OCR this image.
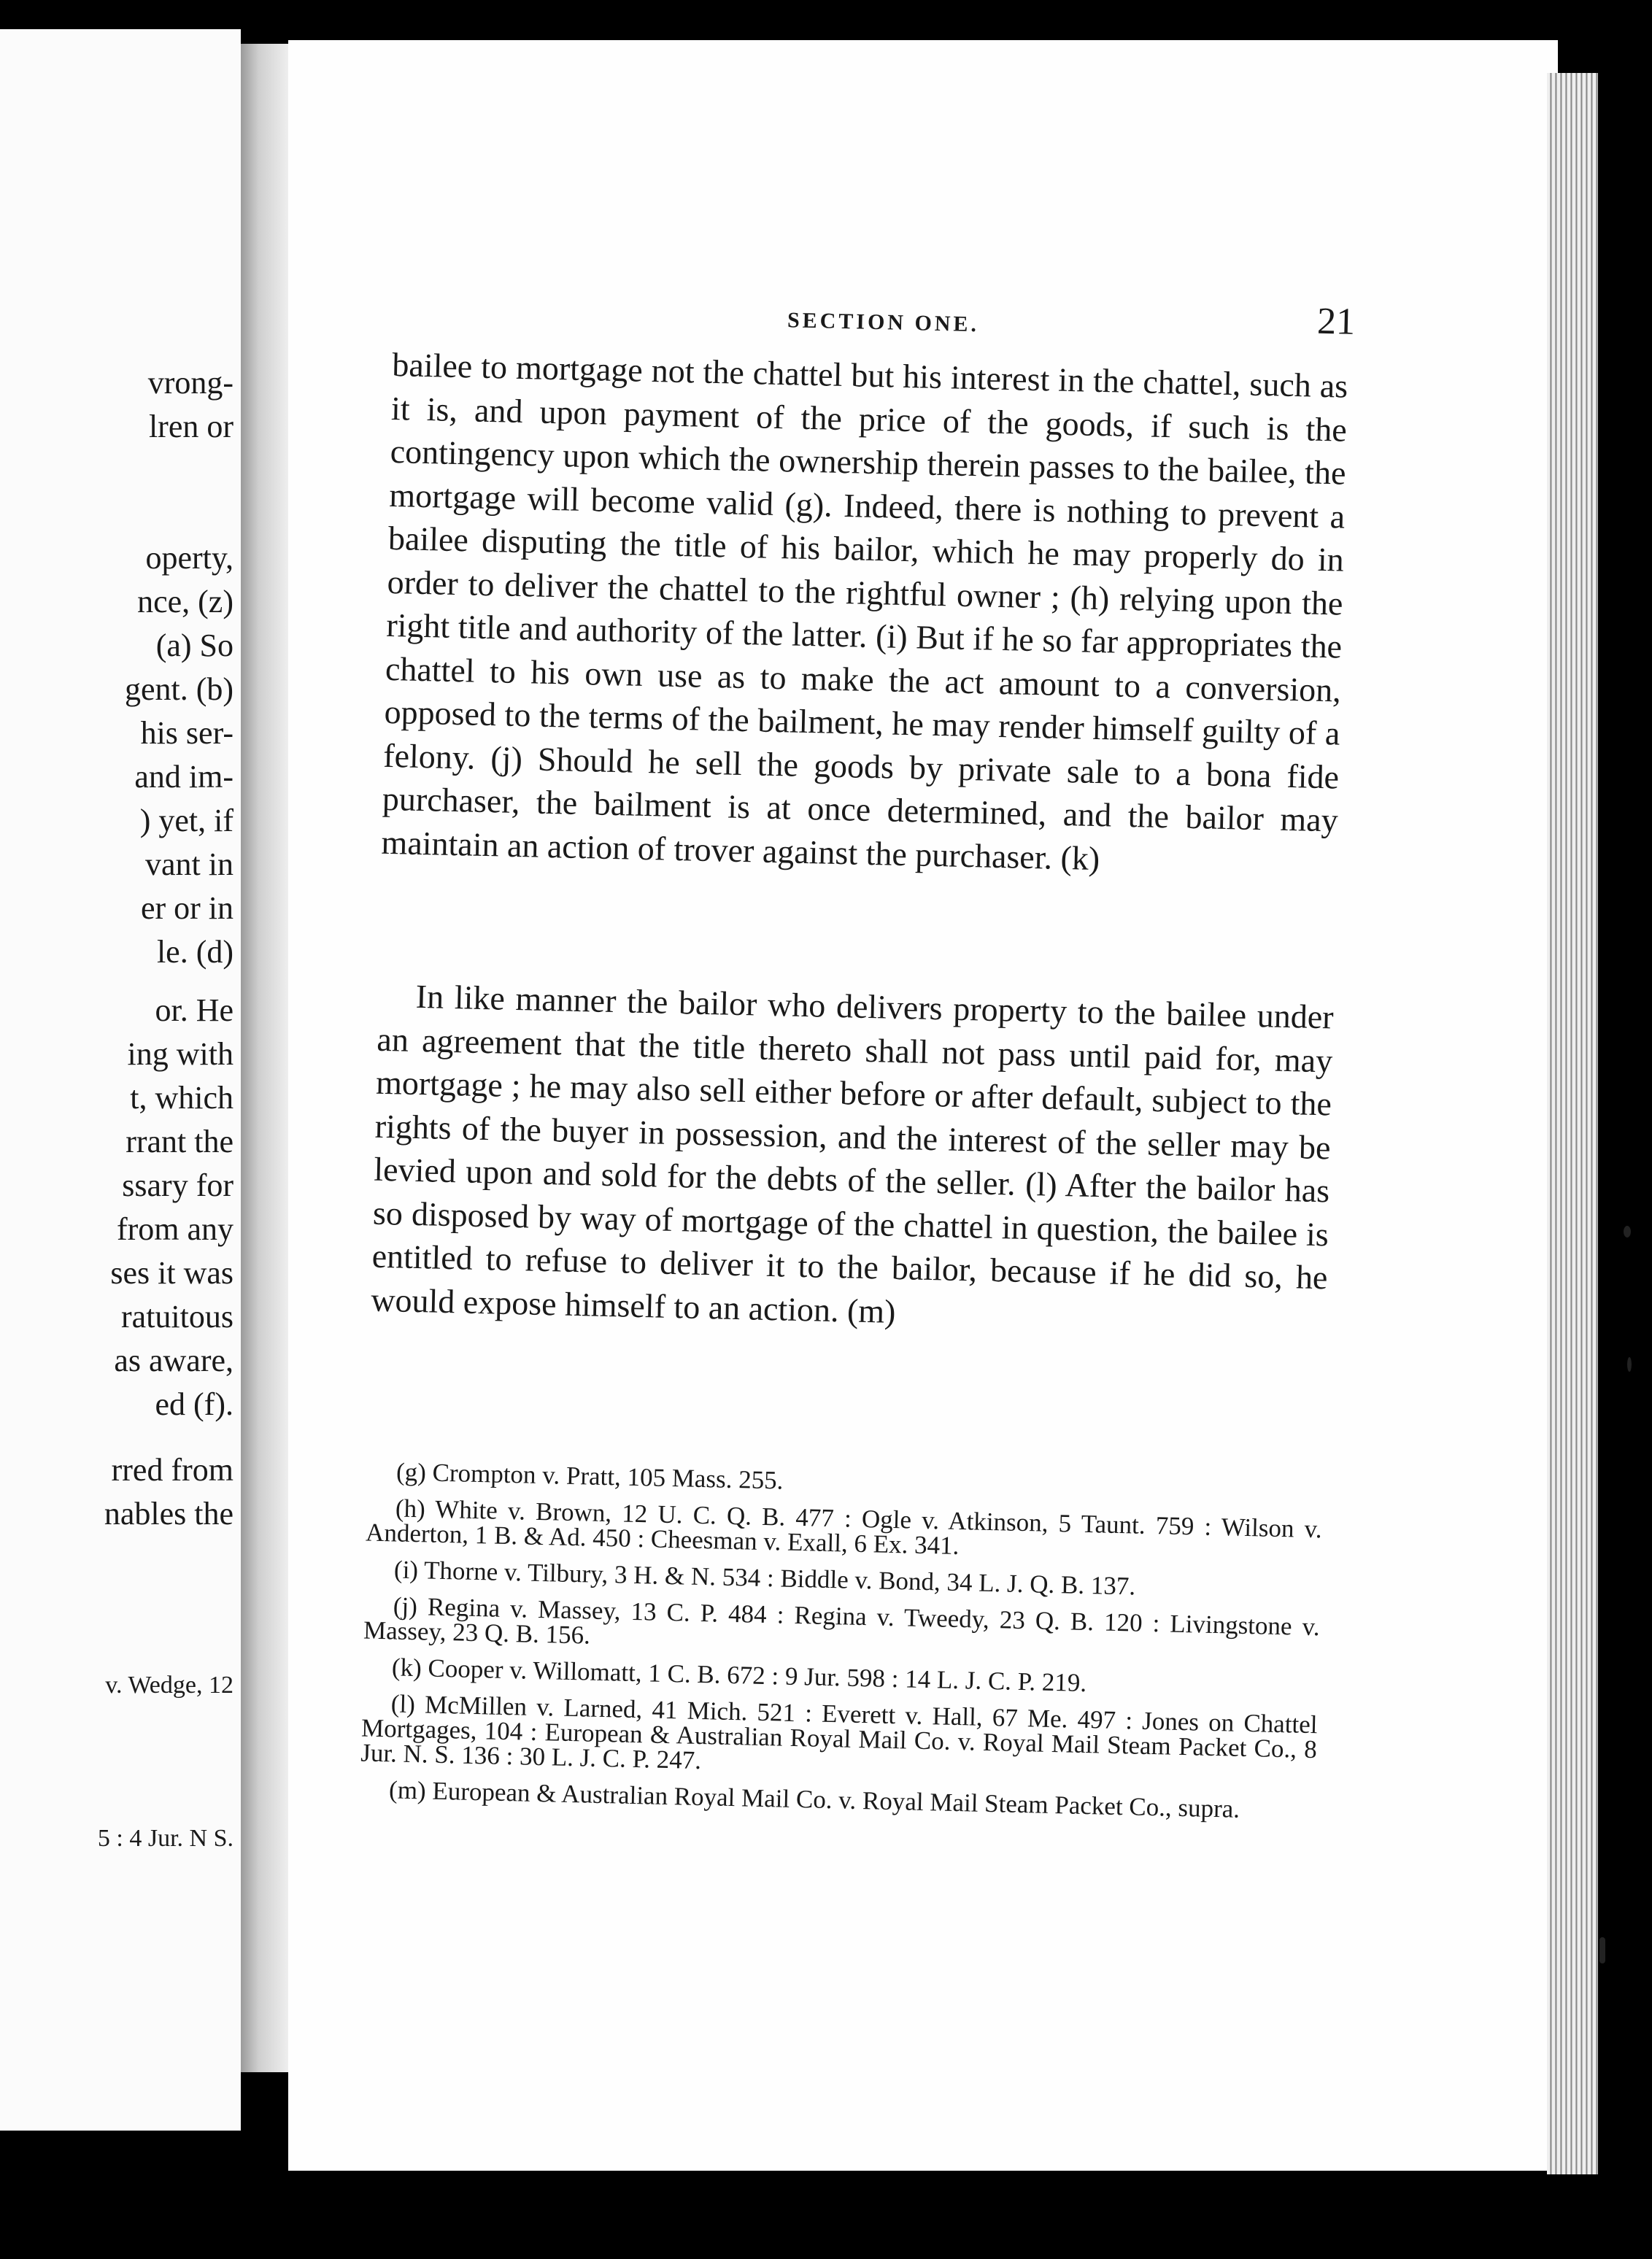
vrong-
lren or
operty,
nce, (z)
(a) So
gent. (b)
his ser-
and im-
) yet, if
vant in
er or in
le. (d)
or. He
ing with
t, which
rrant the
ssary for
from any
ses it was
ratuitous
as aware,
ed (f).
rred from
nables the
v. Wedge, 12
5 : 4 Jur. N S.
SECTION ONE.	21

bailee to mortgage not the chattel but his interest in the chattel, such as it is, and upon payment of the price of the goods, if such is the contingency upon which the ownership therein passes to the bailee, the mortgage will become valid (g). Indeed, there is nothing to prevent a bailee disputing the title of his bailor, which he may properly do in order to deliver the chattel to the rightful owner ; (h) relying upon the right title and authority of the latter. (i) But if he so far appropriates the chattel to his own use as to make the act amount to a conversion, opposed to the terms of the bailment, he may render himself guilty of a felony. (j) Should he sell the goods by private sale to a bona fide purchaser, the bailment is at once determined, and the bailor may maintain an action of trover against the purchaser. (k)

In like manner the bailor who delivers property to the bailee under an agreement that the title thereto shall not pass until paid for, may mortgage ; he may also sell either before or after default, subject to the rights of the buyer in possession, and the interest of the seller may be levied upon and sold for the debts of the seller. (l) After the bailor has so disposed by way of mortgage of the chattel in question, the bailee is entitled to refuse to deliver it to the bailor, because if he did so, he would expose himself to an action. (m)

(g) Crompton v. Pratt, 105 Mass. 255.

(h) White v. Brown, 12 U. C. Q. B. 477 : Ogle v. Atkinson, 5 Taunt. 759 : Wilson v. Anderton, 1 B. & Ad. 450 : Cheesman v. Exall, 6 Ex. 341.

(i) Thorne v. Tilbury, 3 H. & N. 534 : Biddle v. Bond, 34 L. J. Q. B. 137.

(j) Regina v. Massey, 13 C. P. 484 : Regina v. Tweedy, 23 Q. B. 120 : Livingstone v. Massey, 23 Q. B. 156.

(k) Cooper v. Willomatt, 1 C. B. 672 : 9 Jur. 598 : 14 L. J. C. P. 219.

(l) McMillen v. Larned, 41 Mich. 521 : Everett v. Hall, 67 Me. 497 : Jones on Chattel Mortgages, 104 : European & Australian Royal Mail Co. v. Royal Mail Steam Packet Co., 8 Jur. N. S. 136 : 30 L. J. C. P. 247.

(m) European & Australian Royal Mail Co. v. Royal Mail Steam Packet Co., supra.
